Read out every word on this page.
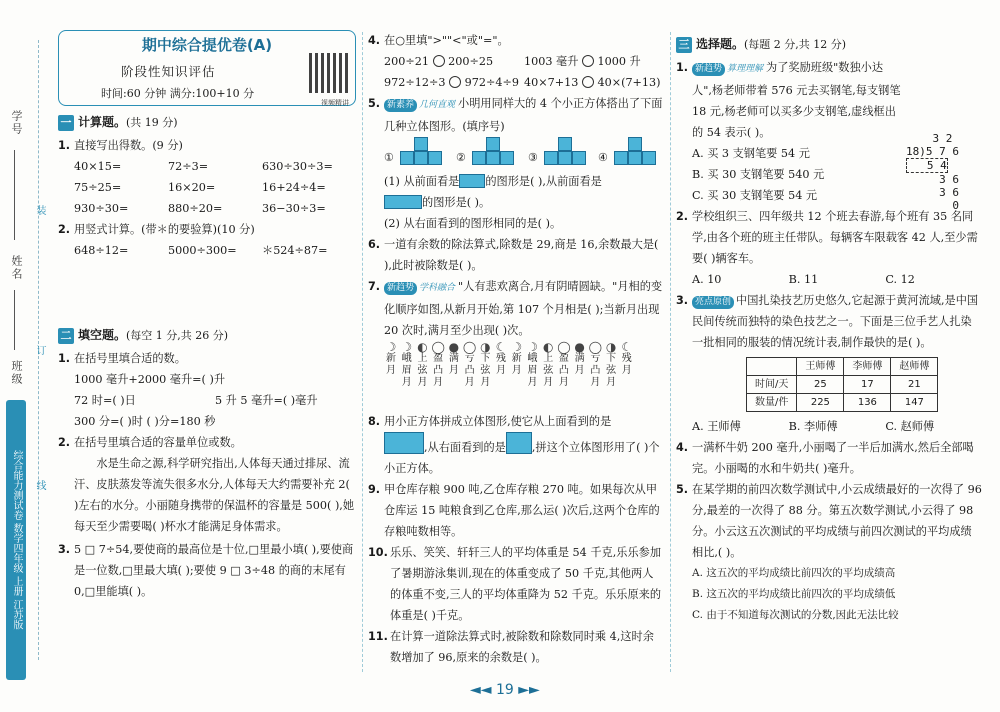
学号
姓名
班级
装
订
线
综合能力测试卷 数学四年级 上册 江苏版
期中综合提优卷(A)
阶段性知识评估
时间:60 分钟 满分:100+10 分
视频精讲
一 计算题。 (共 19 分)
1. 直接写出得数。(9 分)
40×15=	72÷3=	630÷30÷3=
75÷25=	16×20=	16+24÷4=
930÷30=	880÷20=	36−30÷3=
2. 用竖式计算。(带＊的要验算)(10 分)
648÷12=	5000÷300=	＊524÷87=
二 填空题。 (每空 1 分,共 26 分)
1. 在括号里填合适的数。
1000 毫升+2000 毫升=( )升
72 时=( )日	5 升 5 毫升=( )毫升
300 分=( )时 ( )分=180 秒
2. 在括号里填合适的容量单位或数。
水是生命之源,科学研究指出,人体每天通过排尿、流汗、皮肤蒸发等流失很多水分,人体每天大约需要补充 2( )左右的水分。小丽随身携带的保温杯的容量是 500( ),她每天至少需要喝( )杯水才能满足身体需求。
3. 5 □ 7÷54,要使商的最高位是十位,□里最小填( ),要使商是一位数,□里最大填( );要使 9 □ 3÷48 的商的末尾有 0,□里能填( )。
4. 在○里填">""<"或"="。
200÷21 200÷25	1003 毫升 1000 升
972÷12÷3 972÷4÷9 40×7+13 40×(7+13)
5. 新素养 几何直观 小明用同样大的 4 个小正方体搭出了下面几种立体图形。(填序号)
①	②	③	④
(1) 从前面看是 的图形是( ),从前面看是
的图形是( )。
(2) 从右面看到的图形相同的是( )。
6. 一道有余数的除法算式,除数是 29,商是 16,余数最大是( ),此时被除数是( )。
7. 新趋势 学科融合 "人有悲欢离合,月有阴晴圆缺。"月相的变化顺序如图,从新月开始,第 107 个月相是( );当新月出现 20 次时,满月至少出现( )次。
☽
新月
☽
峨眉月
◐
上弦月
◯
盈凸月
●
满月
◯
亏凸月
◑
下弦月
☾
残月
☽
新月
☽
峨眉月
◐
上弦月
◯
盈凸月
●
满月
◯
亏凸月
◑
下弦月
☾
残月
8. 用小正方体拼成立体图形,使它从上面看到的是
,从右面看到的是 ,拼这个立体图形用了( )个小正方体。
9. 甲仓库存粮 900 吨,乙仓库存粮 270 吨。如果每次从甲仓库运 15 吨粮食到乙仓库,那么运( )次后,这两个仓库的存粮吨数相等。
10. 乐乐、笑笑、轩轩三人的平均体重是 54 千克,乐乐参加了暑期游泳集训,现在的体重变成了 50 千克,其他两人的体重不变,三人的平均体重降为 52 千克。乐乐原来的体重是( )千克。
11. 在计算一道除法算式时,被除数和除数同时乘 4,这时余数增加了 96,原来的余数是( )。
三 选择题。 (每题 2 分,共 12 分)
1. 新趋势 算理理解 为了奖励班级"数独小达人",杨老师带着 576 元去买钢笔,每支钢笔 18 元,杨老师可以买多少支钢笔,虚线框出的 54 表示( )。
A. 买 3 支钢笔要 54 元
B. 买 30 支钢笔要 540 元
C. 买 30 支钢笔要 54 元
3 2
18)5 7 6
5 4
3 6
3 6
0
2. 学校组织三、四年级共 12 个班去春游,每个班有 35 名同学,由各个班的班主任带队。每辆客车限载客 42 人,至少需要( )辆客车。
A. 10	B. 11	C. 12
3. 亮点原创 中国扎染技艺历史悠久,它起源于黄河流域,是中国民间传统而独特的染色技艺之一。下面是三位手艺人扎染一批相同的服装的情况统计表,制作最快的是( )。
	王师傅	李师傅	赵师傅
时间/天	25	17	21
数量/件	225	136	147
A. 王师傅	B. 李师傅	C. 赵师傅
4. 一满杯牛奶 200 毫升,小丽喝了一半后加满水,然后全部喝完。小丽喝的水和牛奶共( )毫升。
5. 在某学期的前四次数学测试中,小云成绩最好的一次得了 96 分,最差的一次得了 88 分。第五次数学测试,小云得了 98 分。小云这五次测试的平均成绩与前四次测试的平均成绩相比,( )。
A. 这五次的平均成绩比前四次的平均成绩高
B. 这五次的平均成绩比前四次的平均成绩低
C. 由于不知道每次测试的分数,因此无法比较
◄◄ 19 ►►
